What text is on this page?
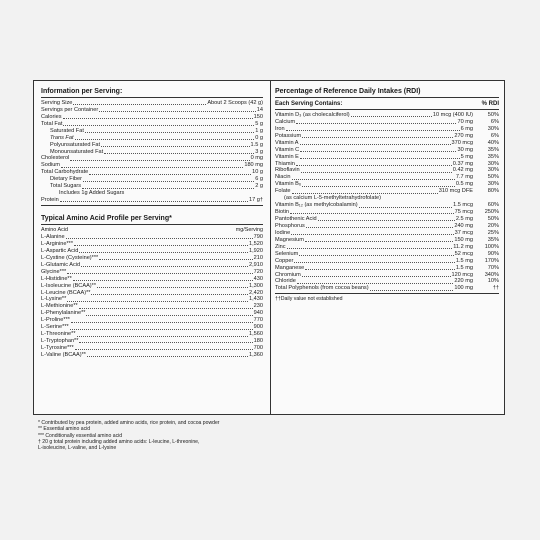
Information per Serving:
Serving Size	About 2 Scoops (42 g)
Servings per Container	14
Calories	150
Total Fat	5 g
Saturated Fat	1 g
Trans Fat	0 g
Polyunsaturated Fat	1.5 g
Monounsaturated Fat	3 g
Cholesterol	0 mg
Sodium	180 mg
Total Carbohydrate	10 g
Dietary Fiber	6 g
Total Sugars	2 g
Includes 1g Added Sugars
Protein	17 g†
Typical Amino Acid Profile per Serving*
Amino Acid	mg/Serving
L-Alanine	790
L-Arginine***	1,520
L-Aspartic Acid	1,920
L-Cystine (Cysteine)***	210
L-Glutamic Acid	2,910
Glycine***	720
L-Histidine**	430
L-Isoleucine (BCAA)**	1,300
L-Leucine (BCAA)**	2,420
L-Lysine**	1,430
L-Methionine**	230
L-Phenylalanine**	940
L-Proline***	770
L-Serine***	900
L-Threonine**	1,560
L-Tryptophan**	180
L-Tyrosine***	700
L-Valine (BCAA)**	1,360
Percentage of Reference Daily Intakes (RDI)
Each Serving Contains:	% RDI
Vitamin D₃ (as cholecalciferol)	10 mcg (400 IU)	50%
Calcium	70 mg	6%
Iron	6 mg	30%
Potassium	270 mg	6%
Vitamin A	370 mcg	40%
Vitamin C	30 mg	35%
Vitamin E	5 mg	35%
Thiamin	0.37 mg	30%
Riboflavin	0.42 mg	30%
Niacin	7.7 mg	50%
Vitamin B₆	0.5 mg	30%
Folate	310 mcg DFE	80%
(as calcium L-5-methyltetrahydrofolate)
Vitamin B₁₂ (as methylcobalamin)	1.5 mcg	60%
Biotin	75 mcg	250%
Pantothenic Acid	2.5 mg	50%
Phosphorus	240 mg	20%
Iodine	37 mcg	25%
Magnesium	150 mg	35%
Zinc	11.2 mg	100%
Selenium	52 mcg	90%
Copper	1.5 mg	170%
Manganese	1.5 mg	70%
Chromium	120 mcg	340%
Chloride	220 mg	10%
Total Polyphenols (from cocoa beans)	100 mg	††
††Daily value not established
* Contributed by pea protein, added amino acids, rice protein, and cocoa powder
** Essential amino acid
*** Conditionally essential amino acid
† 20 g total protein including added amino acids: L-leucine, L-threonine,
L-isoleucine, L-valine, and L-lysine
